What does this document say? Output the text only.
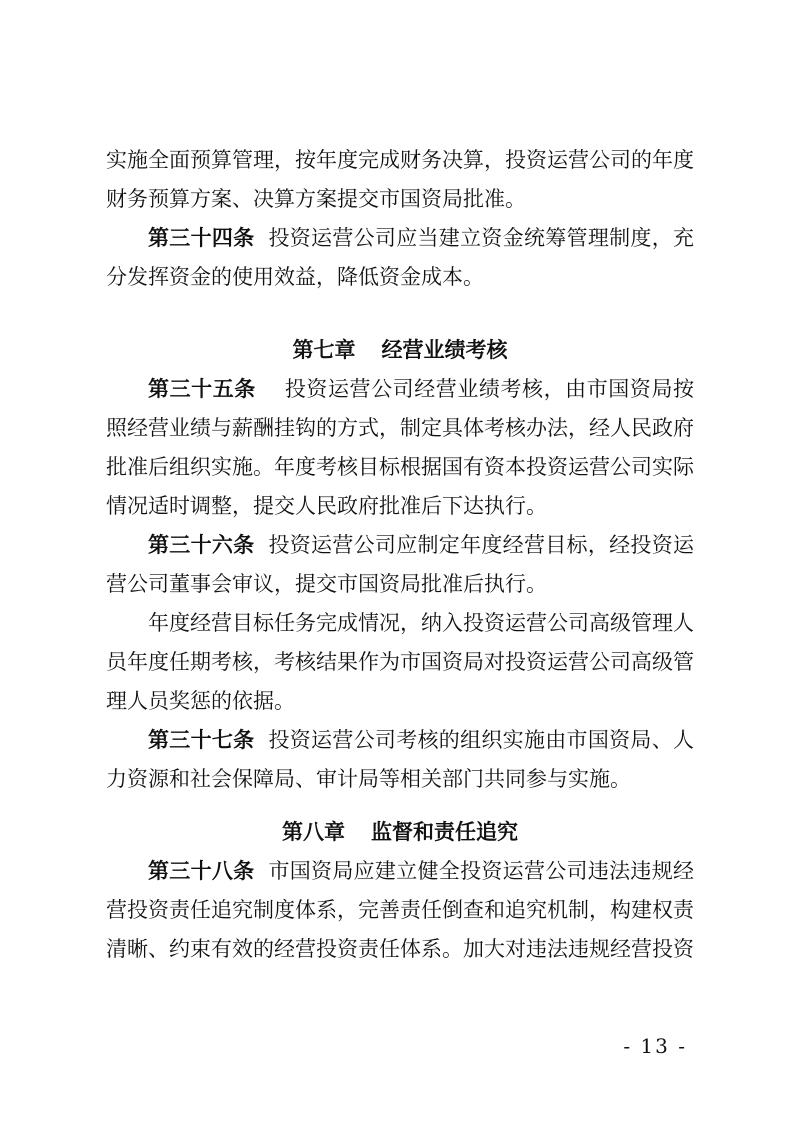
实施全面预算管理，按年度完成财务决算，投资运营公司的年度财务预算方案、决算方案提交市国资局批准。
第三十四条 投资运营公司应当建立资金统筹管理制度，充分发挥资金的使用效益，降低资金成本。
第七章 经营业绩考核
第三十五条 投资运营公司经营业绩考核，由市国资局按照经营业绩与薪酬挂钩的方式，制定具体考核办法，经人民政府批准后组织实施。年度考核目标根据国有资本投资运营公司实际情况适时调整，提交人民政府批准后下达执行。
第三十六条 投资运营公司应制定年度经营目标，经投资运营公司董事会审议，提交市国资局批准后执行。
年度经营目标任务完成情况，纳入投资运营公司高级管理人员年度任期考核，考核结果作为市国资局对投资运营公司高级管理人员奖惩的依据。
第三十七条 投资运营公司考核的组织实施由市国资局、人力资源和社会保障局、审计局等相关部门共同参与实施。
第八章 监督和责任追究
第三十八条 市国资局应建立健全投资运营公司违法违规经营投资责任追究制度体系，完善责任倒查和追究机制，构建权责清晰、约束有效的经营投资责任体系。加大对违法违规经营投资
- 13 -
